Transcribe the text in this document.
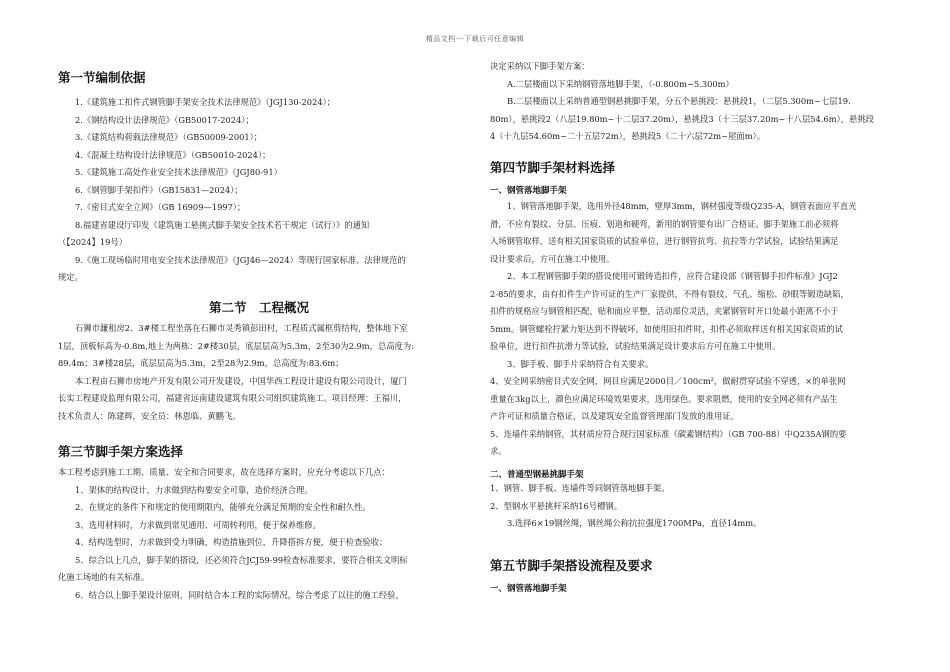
精品文档---下载后可任意编辑
第一节编制依据
1.《建筑施工扣件式钢管脚手架安全技术法律规范》（JGJ130-2024）；
2.《钢结构设计法律规范》（GB50017-2024）；
3.《建筑结构荷载法律规范》（GB50009-2001）；
4.《混凝土结构设计法律规范》（GB50010-2024）；
5.《建筑施工高处作业安全技术法律规范》（JGJ80-91）
6.《钢管脚手架扣件》（GB15831—2024）；
7.《密目式安全立网》（GB 16909—1997）；
8.福建省建设厅印发《建筑施工悬挑式脚手架安全技术若干规定（试行）》的通知
（【2024】19号）
9.《施工现场临时用电安全技术法律规范》（JGJ46—2024）等现行国家标准、法律规范的
规定。
第二节　工程概况
石狮市濂租房2、3#楼工程坐落在石狮市灵秀镇彭田村，工程质式属框剪结构，整体地下室
1层，顶板标高为-0.8m,地上为两栋：2#楼30层，底层层高为5.3m，2至30为2.9m，总高度为:
89.4m；3#楼28层，底层层高为5.3m，2至28为2.9m，总高度为:83.6m；
本工程由石狮市房地产开发有限公司开发建设，中国华西工程设计建设有限公司设计，厦门
长实工程建设监理有限公司，福建省远南建设建筑有限公司组织建筑施工。项目经理：王福川，
技术负责人：陈建辉，安全员：林恩临、黄鹏飞。
第三节脚手架方案选择
本工程考虑到施工工期、质量、安全和合同要求，故在选择方案时，应充分考虑以下几点：
1、架体的结构设计，力求做到结构要安全可靠，造价经济合理。
2、在规定的条件下和规定的使用期限内，能够充分满足预期的安全性和耐久性。
3、选用材料时，力求做到常见通用、可周转利用，便于保养维修。
4、结构选型时，力求做到受力明确，构造措施到位，升降搭拆方便，便于检查验收；
5、综合以上几点，脚手架的搭设，还必须符合JCJ59-99检查标准要求，要符合相关文明标
化施工场地的有关标准。
6、结合以上脚手架设计原则，同时结合本工程的实际情况，综合考虑了以往的施工经验，
决定采纳以下脚手架方案：
A.二层楼面以下采纳钢管落地脚手架，（-0.800m~5.300m）
B.二层楼面以上采纳普通型钢悬挑脚手架，分五个悬挑段：悬挑段1，（二层5.300m~七层19.
80m），悬挑段2（八层19.80m~十二层37.20m），悬挑段3（十三层37.20m~十八层54.6m），悬挑段
4（十九层54.60m~二十五层72m），悬挑段5（二十六层72m~屋面m）。
第四节脚手架材料选择
一、钢管落地脚手架
1、钢管落地脚手架，选用外径48mm，壁厚3mm，钢材强度等级Q235-A，钢管表面应平直光
滑，不应有裂纹、分层、压痕、划道和硬弯，新用的钢管要有出厂合格证。脚手架施工前必须将
入场钢管取样，送有相关国家资质的试验单位，进行钢管抗弯、抗拉等力学试验，试验结果满足
设计要求后，方可在施工中使用。
2、本工程钢管脚手架的搭设使用可锻铸造扣件，应符合建设部《钢管脚手扣件标准》JGJ2
2-85的要求，由有扣件生产许可证的生产厂家提供，不得有裂纹、气孔、缩松、砂眼等锻造缺陷，
扣件的规格应与钢管相匹配，贴和面应平整，活动部位灵活，夹紧钢管时开口处最小距离不小于
5mm。钢管螺栓拧紧力矩达到不得破坏。如使用旧扣件时，扣件必须取样送有相关国家资质的试
验单位，进行扣件抗滑力等试验，试验结果满足设计要求后方可在施工中使用。
3、脚手板、脚手片采纳符合有关要求。
4、安全网采纳密目式安全网，网目应满足2000目／100cm²，做耐贯穿试验不穿透，×的单张网
重量在3kg以上，颜色应满足环境效果要求，选用绿色。要求阻燃，使用的安全网必须有产品生
产许可证和质量合格证，以及建筑安全监督管理部门发放的准用证。
5、连墙件采纳钢管，其材质应符合现行国家标准《碳素钢结构》（GB 700-88）中Q235A钢的要
求。
二、普通型钢悬挑脚手架
1、钢管、脚手板、连墙件等同钢管落地脚手架。
2、型钢水平悬挑杆采纳16号槽钢。
3.选择6×19钢丝绳，钢丝绳公称抗拉强度1700MPa，直径14mm。
第五节脚手架搭设流程及要求
一、钢管落地脚手架
